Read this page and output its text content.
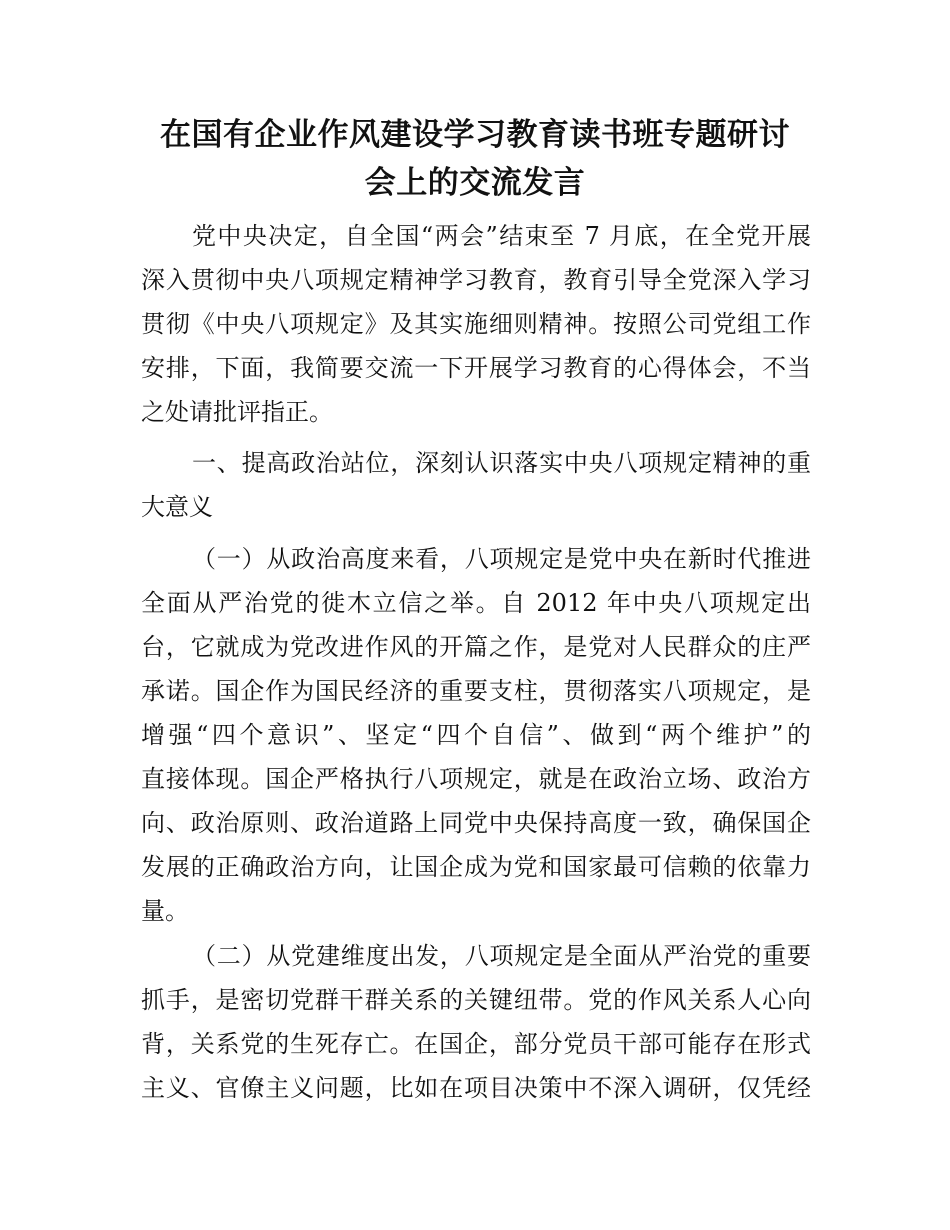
在国有企业作风建设学习教育读书班专题研讨
会上的交流发言
党中央决定，自全国“两会”结束至 7 月底，在全党开展
深入贯彻中央八项规定精神学习教育，教育引导全党深入学习
贯彻《中央八项规定》及其实施细则精神。按照公司党组工作
安排，下面，我简要交流一下开展学习教育的心得体会，不当
之处请批评指正。
一、提高政治站位，深刻认识落实中央八项规定精神的重
大意义
（一）从政治高度来看，八项规定是党中央在新时代推进
全面从严治党的徙木立信之举。自 2012 年中央八项规定出
台，它就成为党改进作风的开篇之作，是党对人民群众的庄严
承诺。国企作为国民经济的重要支柱，贯彻落实八项规定，是
增强“四个意识”、坚定“四个自信”、做到“两个维护”的
直接体现。国企严格执行八项规定，就是在政治立场、政治方
向、政治原则、政治道路上同党中央保持高度一致，确保国企
发展的正确政治方向，让国企成为党和国家最可信赖的依靠力
量。
（二）从党建维度出发，八项规定是全面从严治党的重要
抓手，是密切党群干群关系的关键纽带。党的作风关系人心向
背，关系党的生死存亡。在国企，部分党员干部可能存在形式
主义、官僚主义问题，比如在项目决策中不深入调研，仅凭经
